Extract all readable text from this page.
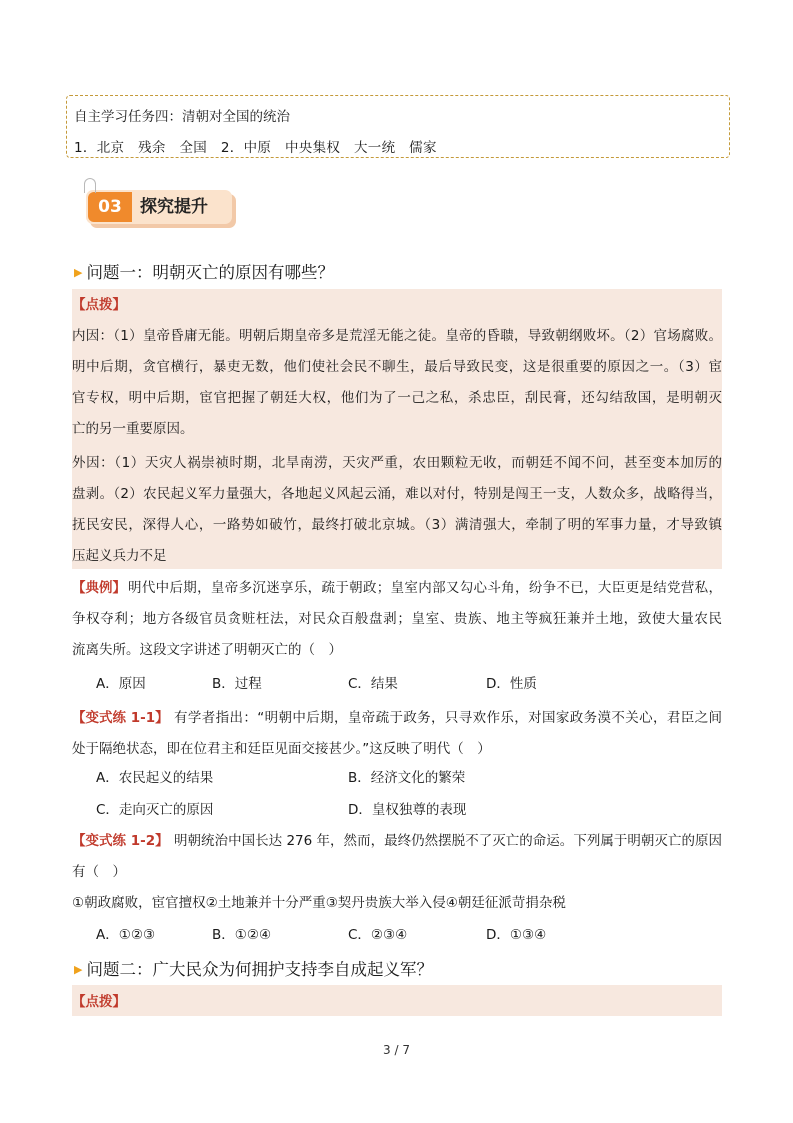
自主学习任务四：清朝对全国的统治
1．北京　残余　全国　2．中原　中央集权　大一统　儒家
03	探究提升
▶ 问题一：明朝灭亡的原因有哪些？
【点拨】
内因：（1）皇帝昏庸无能。明朝后期皇帝多是荒淫无能之徒。皇帝的昏聩，导致朝纲败坏。（2）官场腐败。
明中后期，贪官横行，暴吏无数，他们使社会民不聊生，最后导致民变，这是很重要的原因之一。（3）宦
官专权，明中后期，宦官把握了朝廷大权，他们为了一己之私，杀忠臣，刮民膏，还勾结敌国，是明朝灭
亡的另一重要原因。
外因：（1）天灾人祸崇祯时期，北旱南涝，天灾严重，农田颗粒无收，而朝廷不闻不问，甚至变本加厉的
盘剥。（2）农民起义军力量强大，各地起义风起云涌，难以对付，特别是闯王一支，人数众多，战略得当，
抚民安民，深得人心，一路势如破竹，最终打破北京城。（3）满清强大，牵制了明的军事力量，才导致镇
压起义兵力不足
【典例】 明代中后期，皇帝多沉迷享乐，疏于朝政；皇室内部又勾心斗角，纷争不已，大臣更是结党营私，
争权夺利；地方各级官员贪赃枉法，对民众百般盘剥；皇室、贵族、地主等疯狂兼并土地，致使大量农民
流离失所。这段文字讲述了明朝灭亡的（　）
A．原因	B．过程	C．结果	D．性质
【变式练 1-1】 有学者指出：“明朝中后期，皇帝疏于政务，只寻欢作乐，对国家政务漠不关心，君臣之间
处于隔绝状态，即在位君主和廷臣见面交接甚少。”这反映了明代（　）
A．农民起义的结果	B．经济文化的繁荣
C．走向灭亡的原因	D．皇权独尊的表现
【变式练 1-2】 明朝统治中国长达 276 年，然而，最终仍然摆脱不了灭亡的命运。下列属于明朝灭亡的原因
有（　）
①朝政腐败，宦官擅权②土地兼并十分严重③契丹贵族大举入侵④朝廷征派苛捐杂税
A．①②③	B．①②④	C．②③④	D．①③④
▶ 问题二：广大民众为何拥护支持李自成起义军？
【点拨】
3 / 7
